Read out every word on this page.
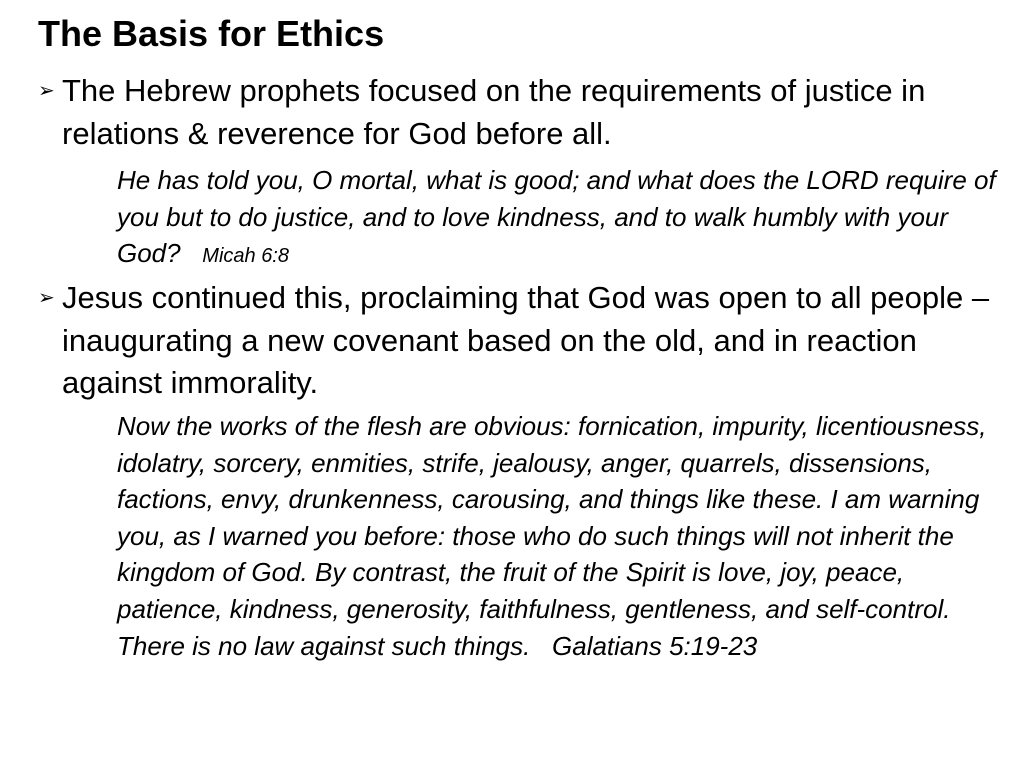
The Basis for Ethics
➢ The Hebrew prophets focused on the requirements of justice in relations & reverence for God before all.
He has told you, O mortal, what is good; and what does the LORD require of you but to do justice, and to love kindness, and to walk humbly with your God? Micah 6:8
➢ Jesus continued this, proclaiming that God was open to all people – inaugurating a new covenant based on the old, and in reaction against immorality.
Now the works of the flesh are obvious: fornication, impurity, licentiousness, idolatry, sorcery, enmities, strife, jealousy, anger, quarrels, dissensions, factions, envy, drunkenness, carousing, and things like these. I am warning you, as I warned you before: those who do such things will not inherit the kingdom of God. By contrast, the fruit of the Spirit is love, joy, peace, patience, kindness, generosity, faithfulness, gentleness, and self-control. There is no law against such things. Galatians 5:19-23
